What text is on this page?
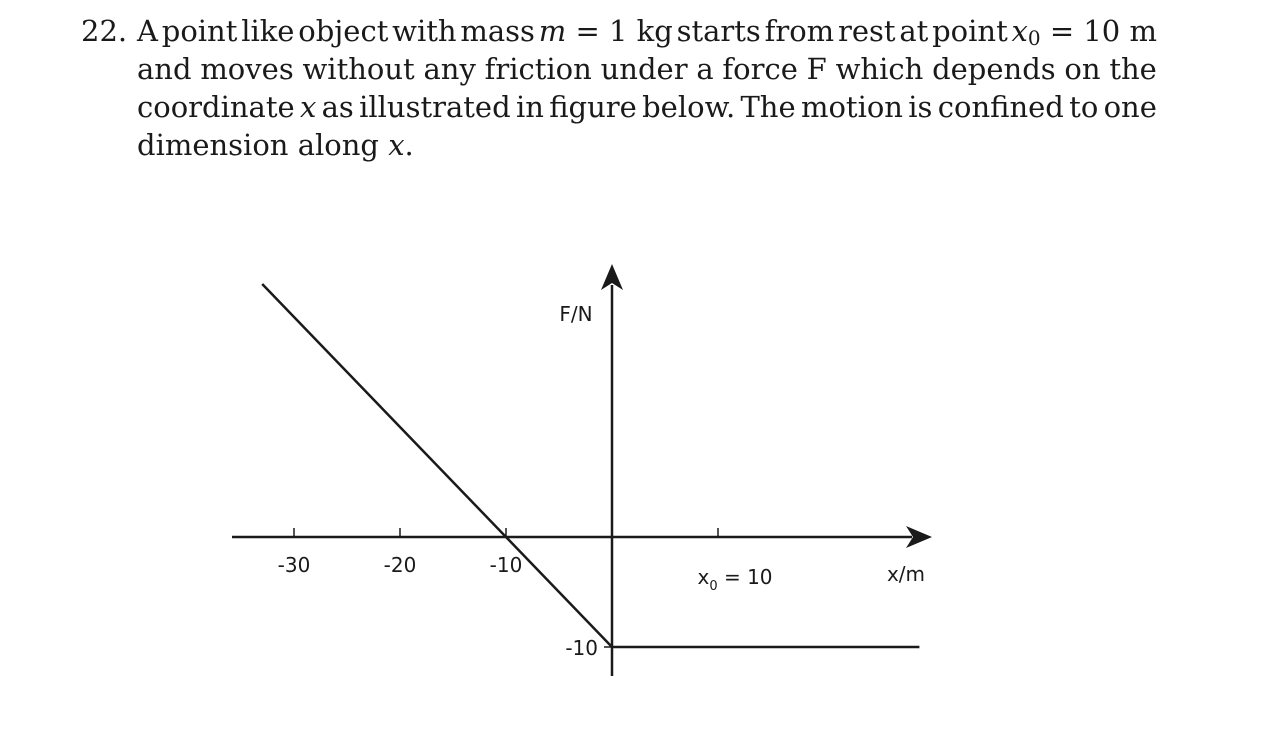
22. A point like object with mass m = 1 kg starts from rest at point $x_0 = 10$ m
and moves without any friction under a force F which depends on the
coordinate x as illustrated in figure below. The motion is confined to one
dimension along x.
-30	-20	-10
-10
F/N
x/m
$x_0 = 10$
